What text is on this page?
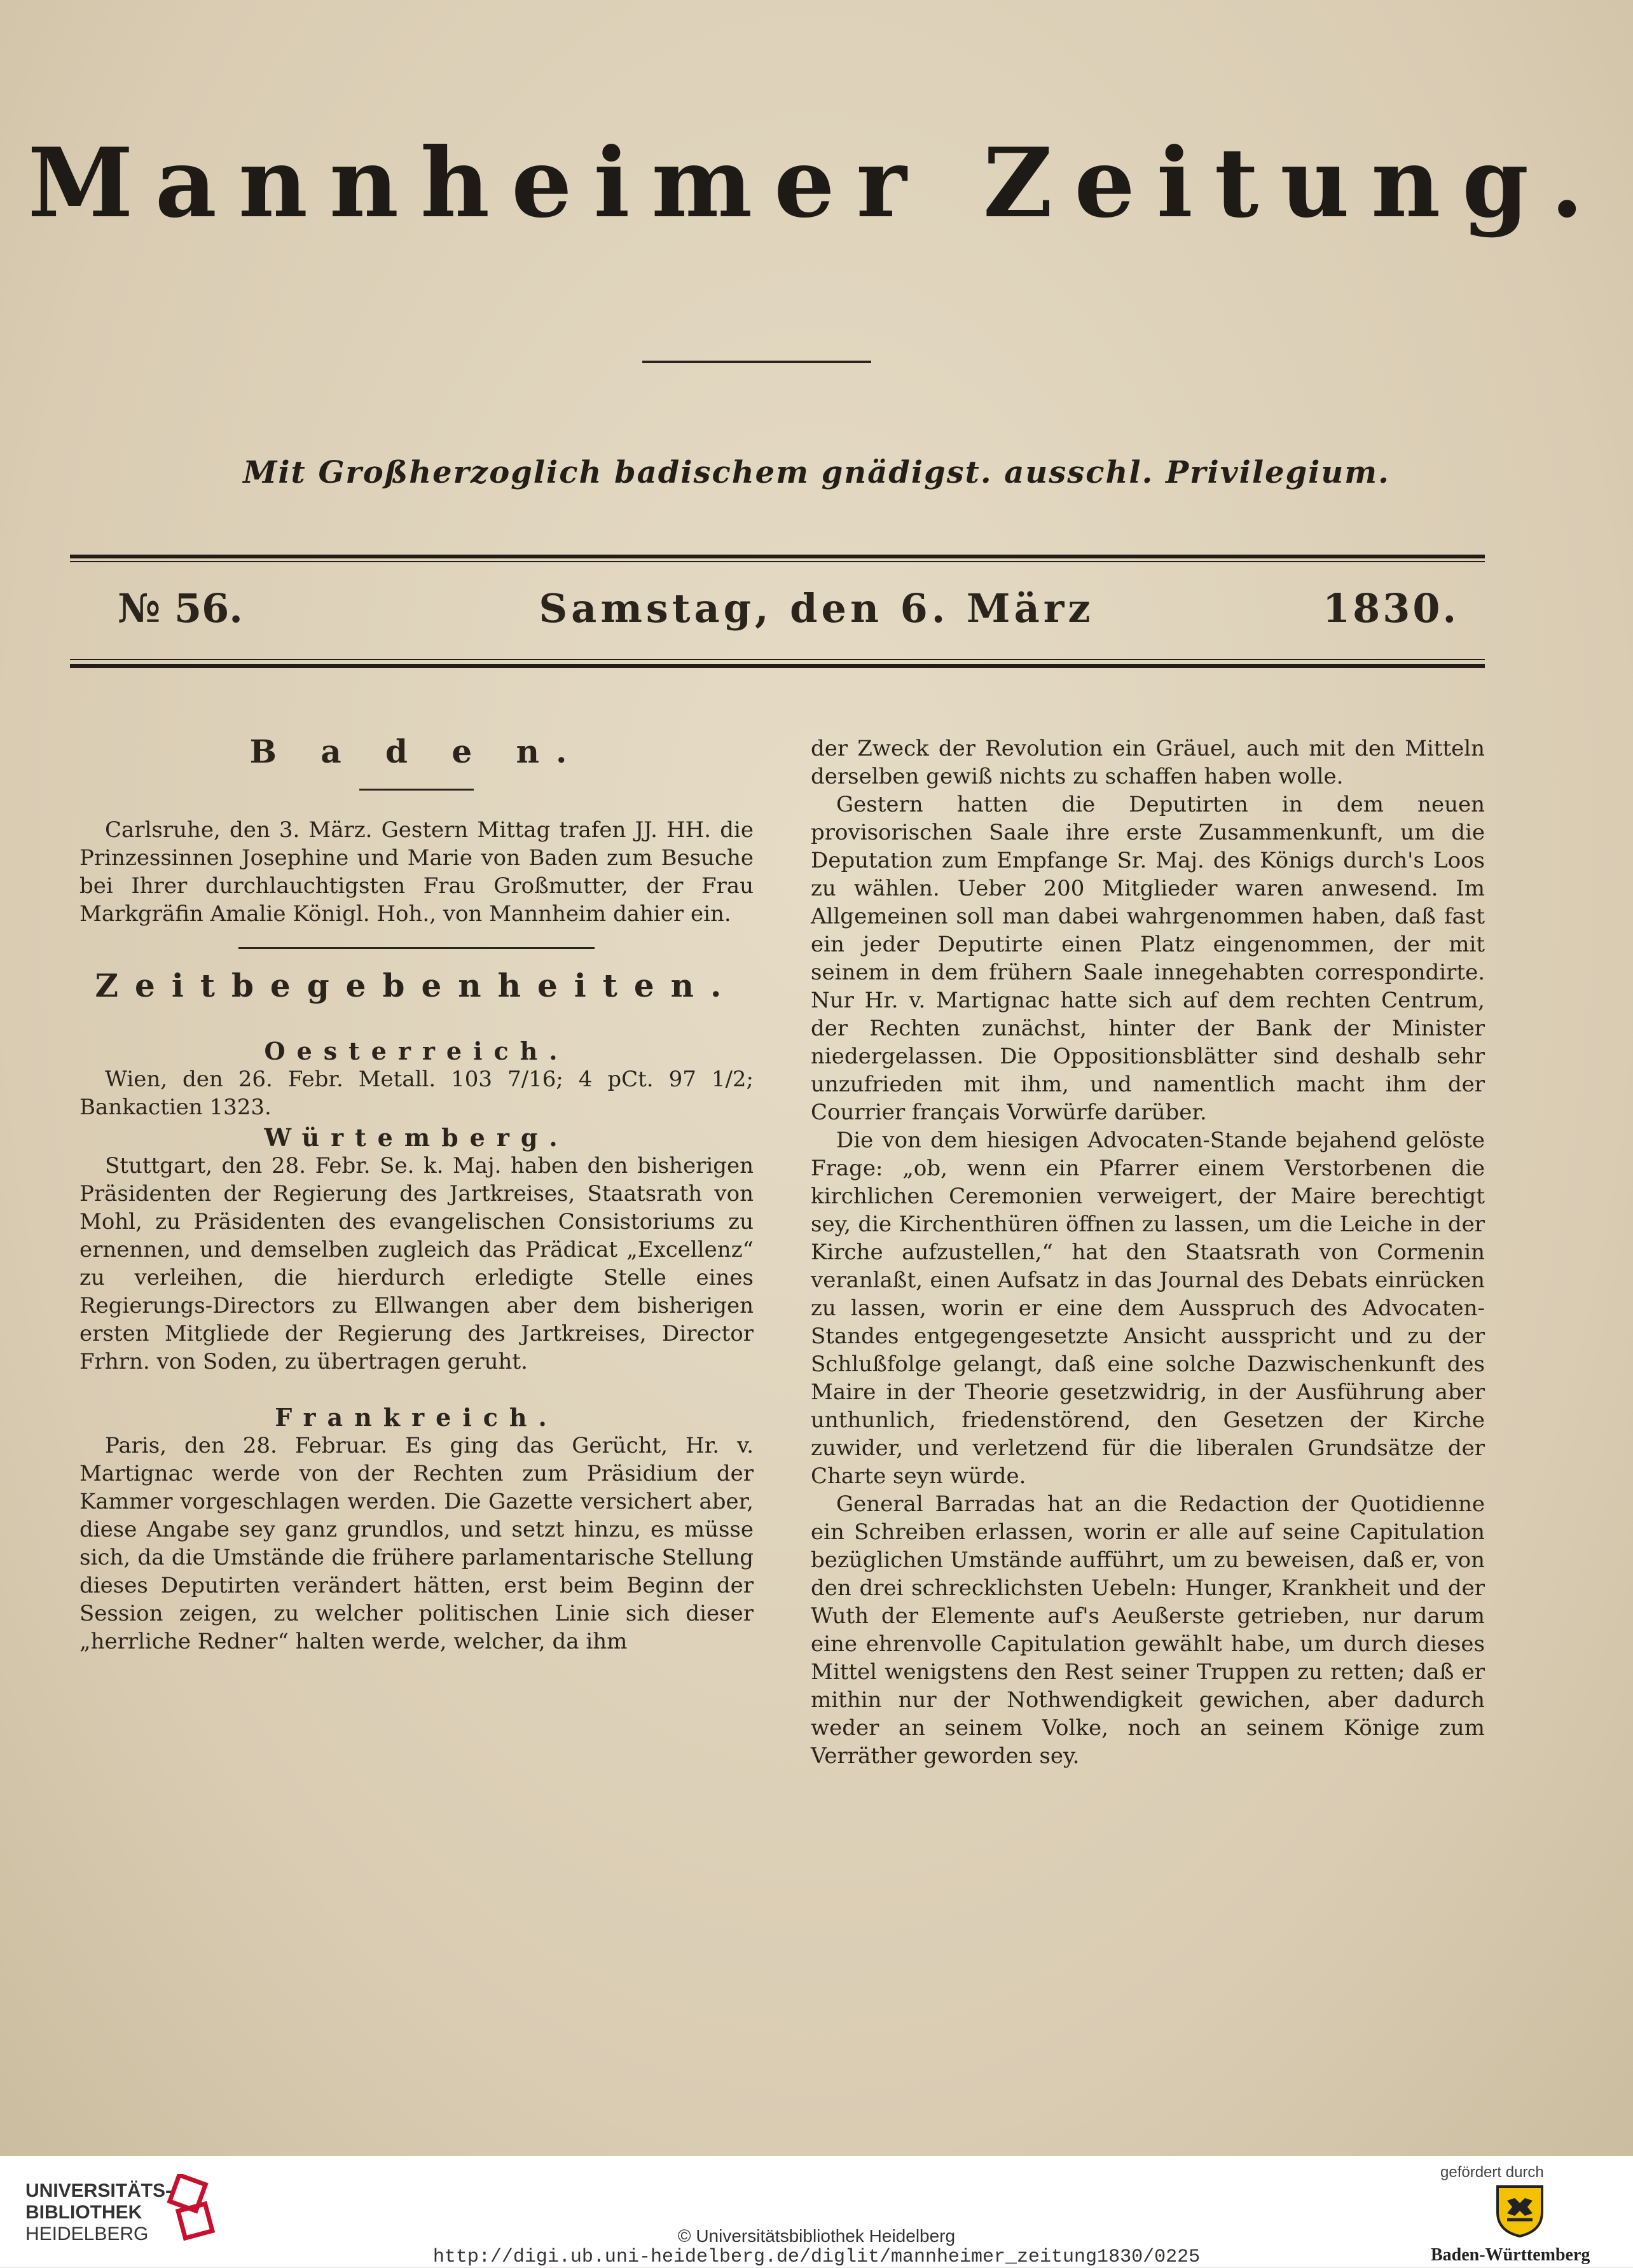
Mannheimer Zeitung.
Mit Großherzoglich badischem gnädigst. ausschl. Privilegium.
№ 56.	Samstag, den 6. März	1830.
B a d e n.

Carlsruhe, den 3. März. Gestern Mittag trafen JJ. HH. die Prinzessinnen Josephine und Marie von Baden zum Besuche bei Ihrer durchlauchtigsten Frau Großmutter, der Frau Markgräfin Amalie Königl. Hoh., von Mannheim dahier ein.

Zeitbegebenheiten.
Oesterreich.

Wien, den 26. Febr. Metall. 103 7/16; 4 pCt. 97 1/2; Bankactien 1323.

Würtemberg.

Stuttgart, den 28. Febr. Se. k. Maj. haben den bisherigen Präsidenten der Regierung des Jartkreises, Staatsrath von Mohl, zu Präsidenten des evangelischen Consistoriums zu ernennen, und demselben zugleich das Prädicat „Excellenz“ zu verleihen, die hierdurch erledigte Stelle eines Regierungs-Directors zu Ellwangen aber dem bisherigen ersten Mitgliede der Regierung des Jartkreises, Director Frhrn. von Soden, zu übertragen geruht.

Frankreich.

Paris, den 28. Februar. Es ging das Gerücht, Hr. v. Martignac werde von der Rechten zum Präsidium der Kammer vorgeschlagen werden. Die Gazette versichert aber, diese Angabe sey ganz grundlos, und setzt hinzu, es müsse sich, da die Umstände die frühere parlamentarische Stellung dieses Deputirten verändert hätten, erst beim Beginn der Session zeigen, zu welcher politischen Linie sich dieser „herrliche Redner“ halten werde, welcher, da ihm

der Zweck der Revolution ein Gräuel, auch mit den Mitteln derselben gewiß nichts zu schaffen haben wolle.

Gestern hatten die Deputirten in dem neuen provisorischen Saale ihre erste Zusammenkunft, um die Deputation zum Empfange Sr. Maj. des Königs durch's Loos zu wählen. Ueber 200 Mitglieder waren anwesend. Im Allgemeinen soll man dabei wahrgenommen haben, daß fast ein jeder Deputirte einen Platz eingenommen, der mit seinem in dem frühern Saale innegehabten correspondirte. Nur Hr. v. Martignac hatte sich auf dem rechten Centrum, der Rechten zunächst, hinter der Bank der Minister niedergelassen. Die Oppositionsblätter sind deshalb sehr unzufrieden mit ihm, und namentlich macht ihm der Courrier français Vorwürfe darüber.

Die von dem hiesigen Advocaten-Stande bejahend gelöste Frage: „ob, wenn ein Pfarrer einem Verstorbenen die kirchlichen Ceremonien verweigert, der Maire berechtigt sey, die Kirchenthüren öffnen zu lassen, um die Leiche in der Kirche aufzustellen,“ hat den Staatsrath von Cormenin veranlaßt, einen Aufsatz in das Journal des Debats einrücken zu lassen, worin er eine dem Ausspruch des Advocaten-Standes entgegengesetzte Ansicht ausspricht und zu der Schlußfolge gelangt, daß eine solche Dazwischenkunft des Maire in der Theorie gesetzwidrig, in der Ausführung aber unthunlich, friedenstörend, den Gesetzen der Kirche zuwider, und verletzend für die liberalen Grundsätze der Charte seyn würde.

General Barradas hat an die Redaction der Quotidienne ein Schreiben erlassen, worin er alle auf seine Capitulation bezüglichen Umstände aufführt, um zu beweisen, daß er, von den drei schrecklichsten Uebeln: Hunger, Krankheit und der Wuth der Elemente auf's Aeußerste getrieben, nur darum eine ehrenvolle Capitulation gewählt habe, um durch dieses Mittel wenigstens den Rest seiner Truppen zu retten; daß er mithin nur der Nothwendigkeit gewichen, aber dadurch weder an seinem Volke, noch an seinem Könige zum Verräther geworden sey.

UNIVERSITÄTS-
BIBLIOTHEK
HEIDELBERG	© Universitätsbibliothek Heidelberg
http://digi.ub.uni-heidelberg.de/diglit/mannheimer_zeitung1830/0225
gefördert durch
Baden-Württemberg
